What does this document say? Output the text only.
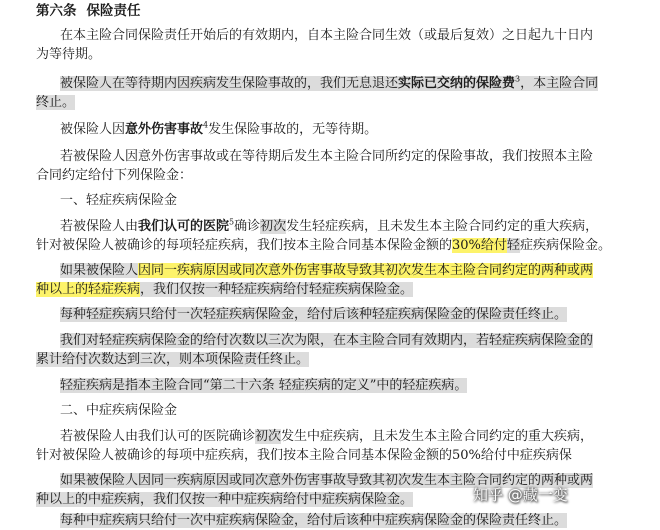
第六条 保险责任
在本主险合同保险责任开始后的有效期内，自本主险合同生效（或最后复效）之日起九十日内
为等待期。
被保险人在等待期内因疾病发生保险事故的，我们无息退还实际已交纳的保险费$^3$，本主险合同
终止。
被保险人因意外伤害事故$^4$发生保险事故的，无等待期。
若被保险人因意外伤害事故或在等待期后发生本主险合同所约定的保险事故，我们按照本主险
合同约定给付下列保险金：
一、轻症疾病保险金
若被保险人由我们认可的医院$^5$确诊初次发生轻症疾病，且未发生本主险合同约定的重大疾病，
针对被保险人被确诊的每项轻症疾病，我们按本主险合同基本保险金额的30%给付轻症疾病保险金。
如果被保险人因同一疾病原因或同次意外伤害事故导致其初次发生本主险合同约定的两种或两
种以上的轻症疾病，我们仅按一种轻症疾病给付轻症疾病保险金。
每种轻症疾病只给付一次轻症疾病保险金，给付后该种轻症疾病保险金的保险责任终止。
我们对轻症疾病保险金的给付次数以三次为限，在本主险合同有效期内，若轻症疾病保险金的
累计给付次数达到三次，则本项保险责任终止。
轻症疾病是指本主险合同“第二十六条 轻症疾病的定义”中的轻症疾病。
二、中症疾病保险金
若被保险人由我们认可的医院确诊初次发生中症疾病，且未发生本主险合同约定的重大疾病，
针对被保险人被确诊的每项中症疾病，我们按本主险合同基本保险金额的50%给付中症疾病保
如果被保险人因同一疾病原因或同次意外伤害事故导致其初次发生本主险合同约定的两种或两
种以上的中症疾病，我们仅按一种中症疾病给付中症疾病保险金。
每种中症疾病只给付一次中症疾病保险金，给付后该种中症疾病保险金的保险责任终止。
知乎 @藏一变
